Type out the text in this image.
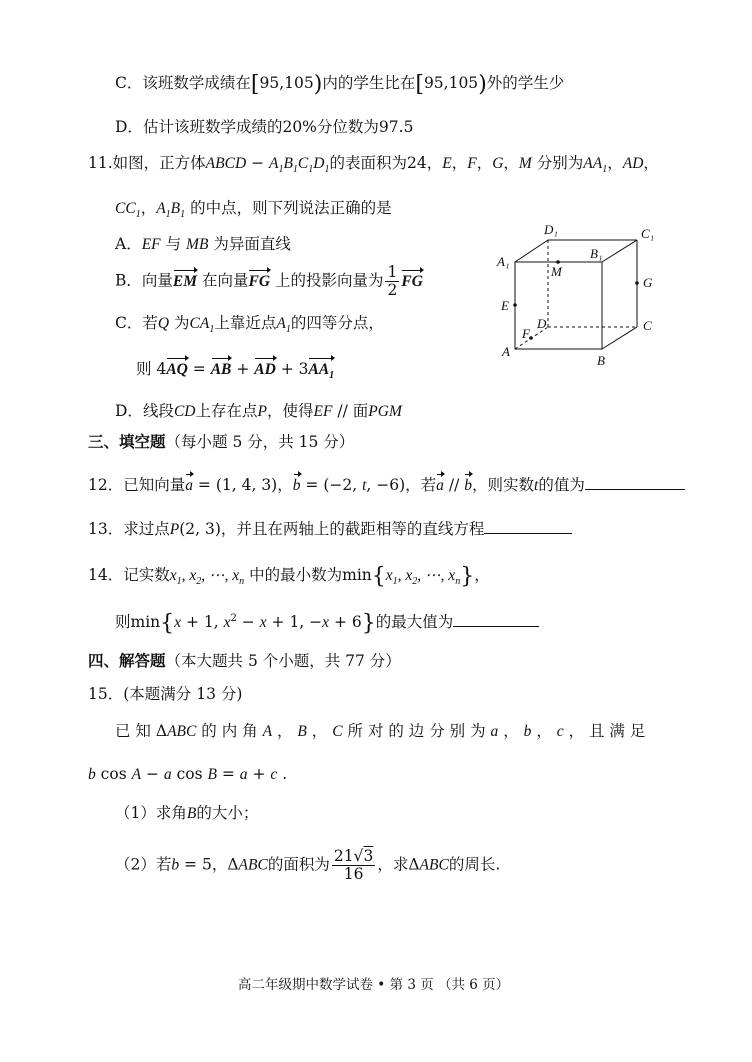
C．该班数学成绩在[95,105)内的学生比在[95,105)外的学生少
D．估计该班数学成绩的20%分位数为97.5
11.如图，正方体ABCD − $A_1B_1C_1D_1$的表面积为24，E，F，G，M 分别为$AA_1$，AD，
$CC_1$，$A_1B_1$ 的中点，则下列说法正确的是
A．EF 与 MB 为异面直线
B．向量EM 在向量FG 上的投影向量为 $\frac{1}{2}$ FG
C．若Q 为$CA_1$上靠近点$A_1$的四等分点，
则 4AQ = AB + AD + $3AA_1$
D．线段CD上存在点P，使得EF // 面PGM
D₁	C₁
A₁
B₁
M
G
E
F
D	C
A
B
三、填空题（每小题 5 分，共 15 分）
12．已知向量a = (1, 4, 3)，b = (−2, t, −6)，若a // b，则实数t的值为
13．求过点P(2, 3)，并且在两轴上的截距相等的直线方程
14．记实数$x_1$, $x_2$, ⋯, $x_n$ 中的最小数为$\min\{x_1$, $x_2$, ⋯, $x_n$}，
则min{x + 1, $x^2 - x + 1$, −x + 6}的最大值为
四、解答题（本大题共 5 个小题，共 77 分）
15．(本题满分 13 分)
已 知 ΔABC 的 内 角 A ， B ， C 所 对 的 边 分 别 为 a ， b ， c ， 且 满 足
b cos A − a cos B = a + c .
（1）求角B的大小；
（2）若b = 5，ΔABC的面积为 $\frac{21√3}{16}$ ，求ΔABC的周长.
高二年级期中数学试卷 • 第 3 页 （共 6 页）
